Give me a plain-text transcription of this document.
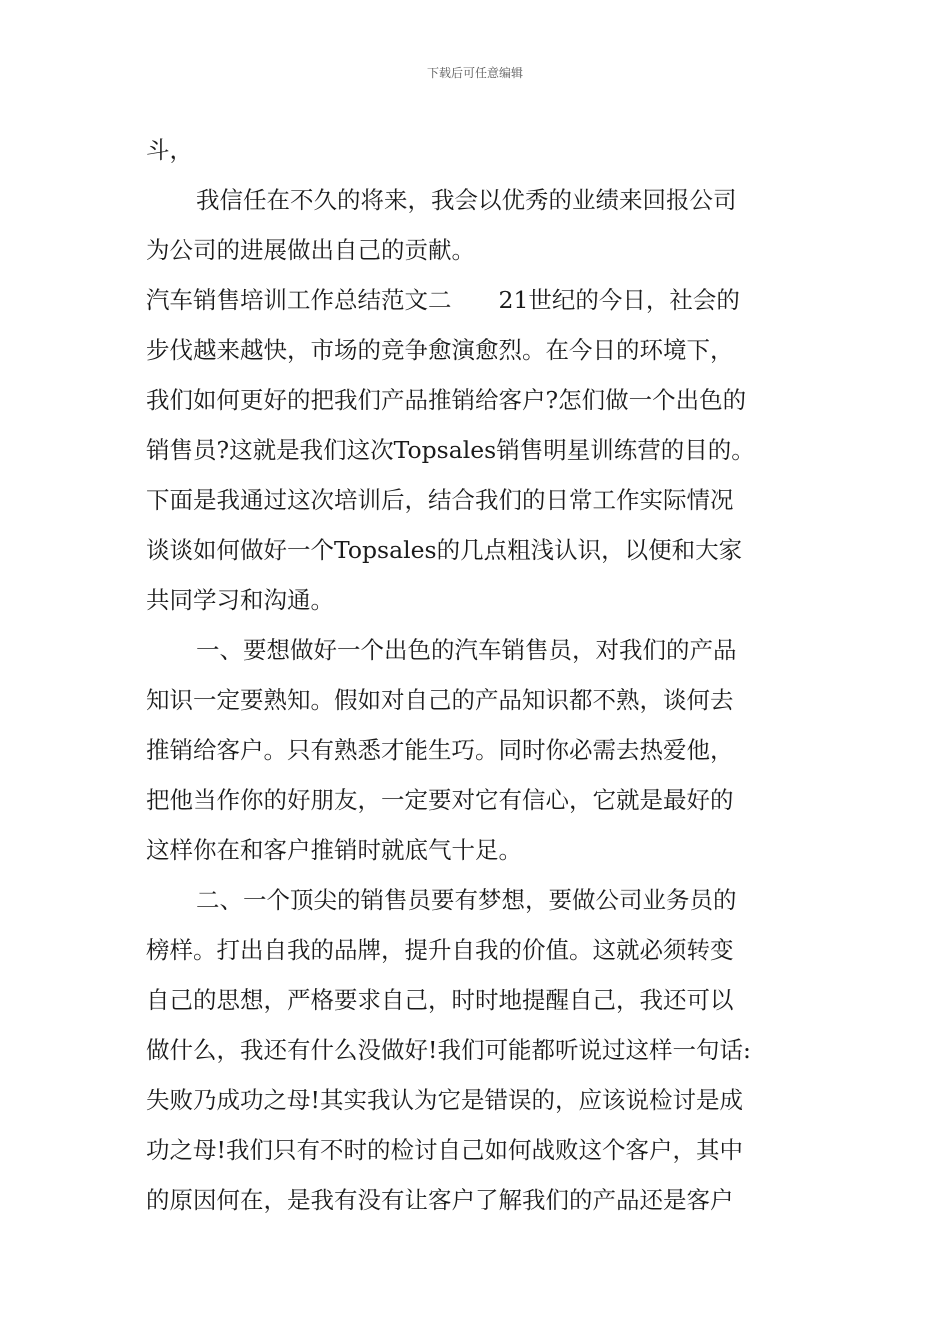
下载后可任意编辑
斗，
我信任在不久的将来，我会以优秀的业绩来回报公司
为公司的进展做出自己的贡献。
汽车销售培训工作总结范文二　　21世纪的今日，社会的
步伐越来越快，市场的竞争愈演愈烈。在今日的环境下，
我们如何更好的把我们产品推销给客户?怎们做一个出色的
销售员?这就是我们这次Topsales销售明星训练营的目的。
下面是我通过这次培训后，结合我们的日常工作实际情况
谈谈如何做好一个Topsales的几点粗浅认识，以便和大家
共同学习和沟通。
一、要想做好一个出色的汽车销售员，对我们的产品
知识一定要熟知。假如对自己的产品知识都不熟，谈何去
推销给客户。只有熟悉才能生巧。同时你必需去热爱他，
把他当作你的好朋友，一定要对它有信心，它就是最好的
这样你在和客户推销时就底气十足。
二、一个顶尖的销售员要有梦想，要做公司业务员的
榜样。打出自我的品牌，提升自我的价值。这就必须转变
自己的思想，严格要求自己，时时地提醒自己，我还可以
做什么，我还有什么没做好!我们可能都听说过这样一句话:
失败乃成功之母!其实我认为它是错误的，应该说检讨是成
功之母!我们只有不时的检讨自己如何战败这个客户，其中
的原因何在，是我有没有让客户了解我们的产品还是客户
